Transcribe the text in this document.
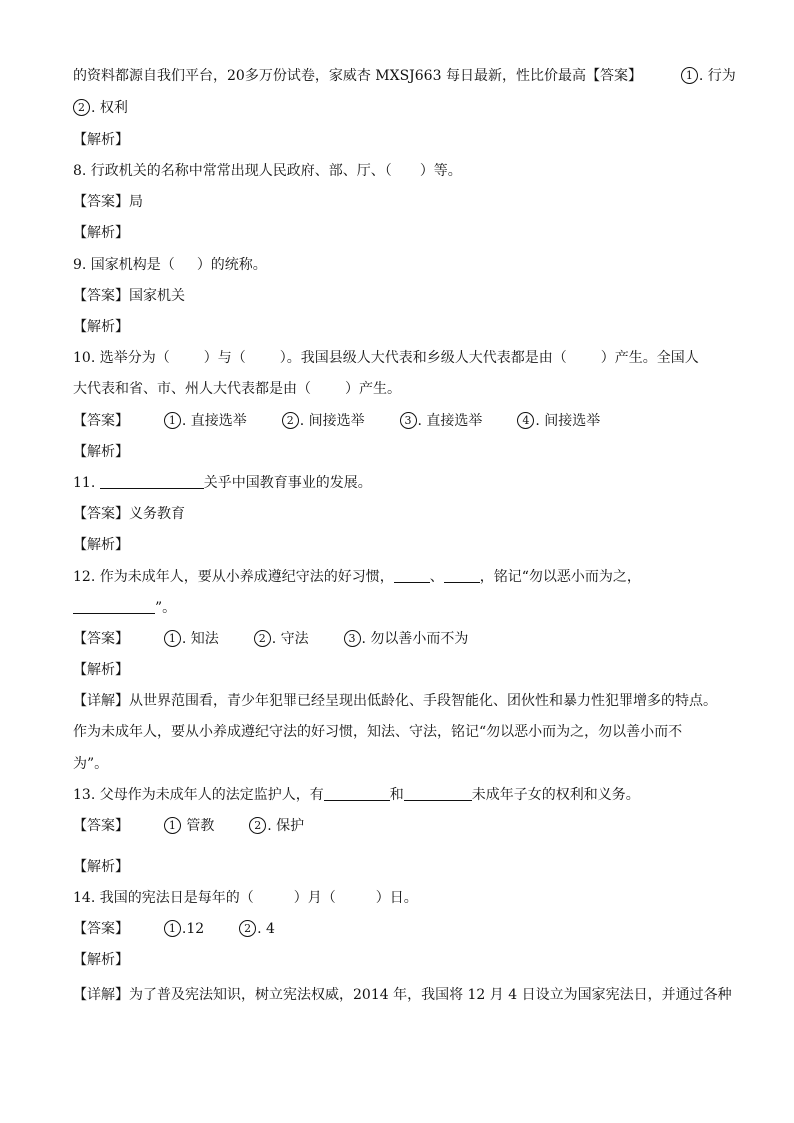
的资料都源自我们平台，20多万份试卷，家威杏 MXSJ663 每日最新，性比价最高【答案】	1 . 行为
2 . 权利
【解析】
8. 行政机关的名称中常常出现人民政府、部、厅、（ ）等。
【答案】局
【解析】
9. 国家机构是（ ）的统称。
【答案】国家机关
【解析】
10. 选举分为（ ）与（ ）。我国县级人大代表和乡级人大代表都是由（ ）产生。全国人
大代表和省、市、州人大代表都是由（ ）产生。
【答案】	1 . 直接选举	2 . 间接选举	3 . 直接选举	4 . 间接选举
【解析】
11.	关乎中国教育事业的发展。
【答案】义务教育
【解析】
12. 作为未成年人，要从小养成遵纪守法的好习惯，	、	，铭记“勿以恶小而为之，
”。
【答案】	1 . 知法	2 . 守法	3 . 勿以善小而不为
【解析】
【详解】从世界范围看，青少年犯罪已经呈现出低龄化、手段智能化、团伙性和暴力性犯罪增多的特点。
作为未成年人，要从小养成遵纪守法的好习惯，知法、守法，铭记“勿以恶小而为之，勿以善小而不
为”。
13. 父母作为未成年人的法定监护人，有	和	未成年子女的权利和义务。
【答案】	1 管教	2 . 保护
【解析】
14. 我国的宪法日是每年的（	）月（	）日。
【答案】	1 .12	2 . 4
【解析】
【详解】为了普及宪法知识，树立宪法权威，2014 年，我国将 12 月 4 日设立为国家宪法日，并通过各种
